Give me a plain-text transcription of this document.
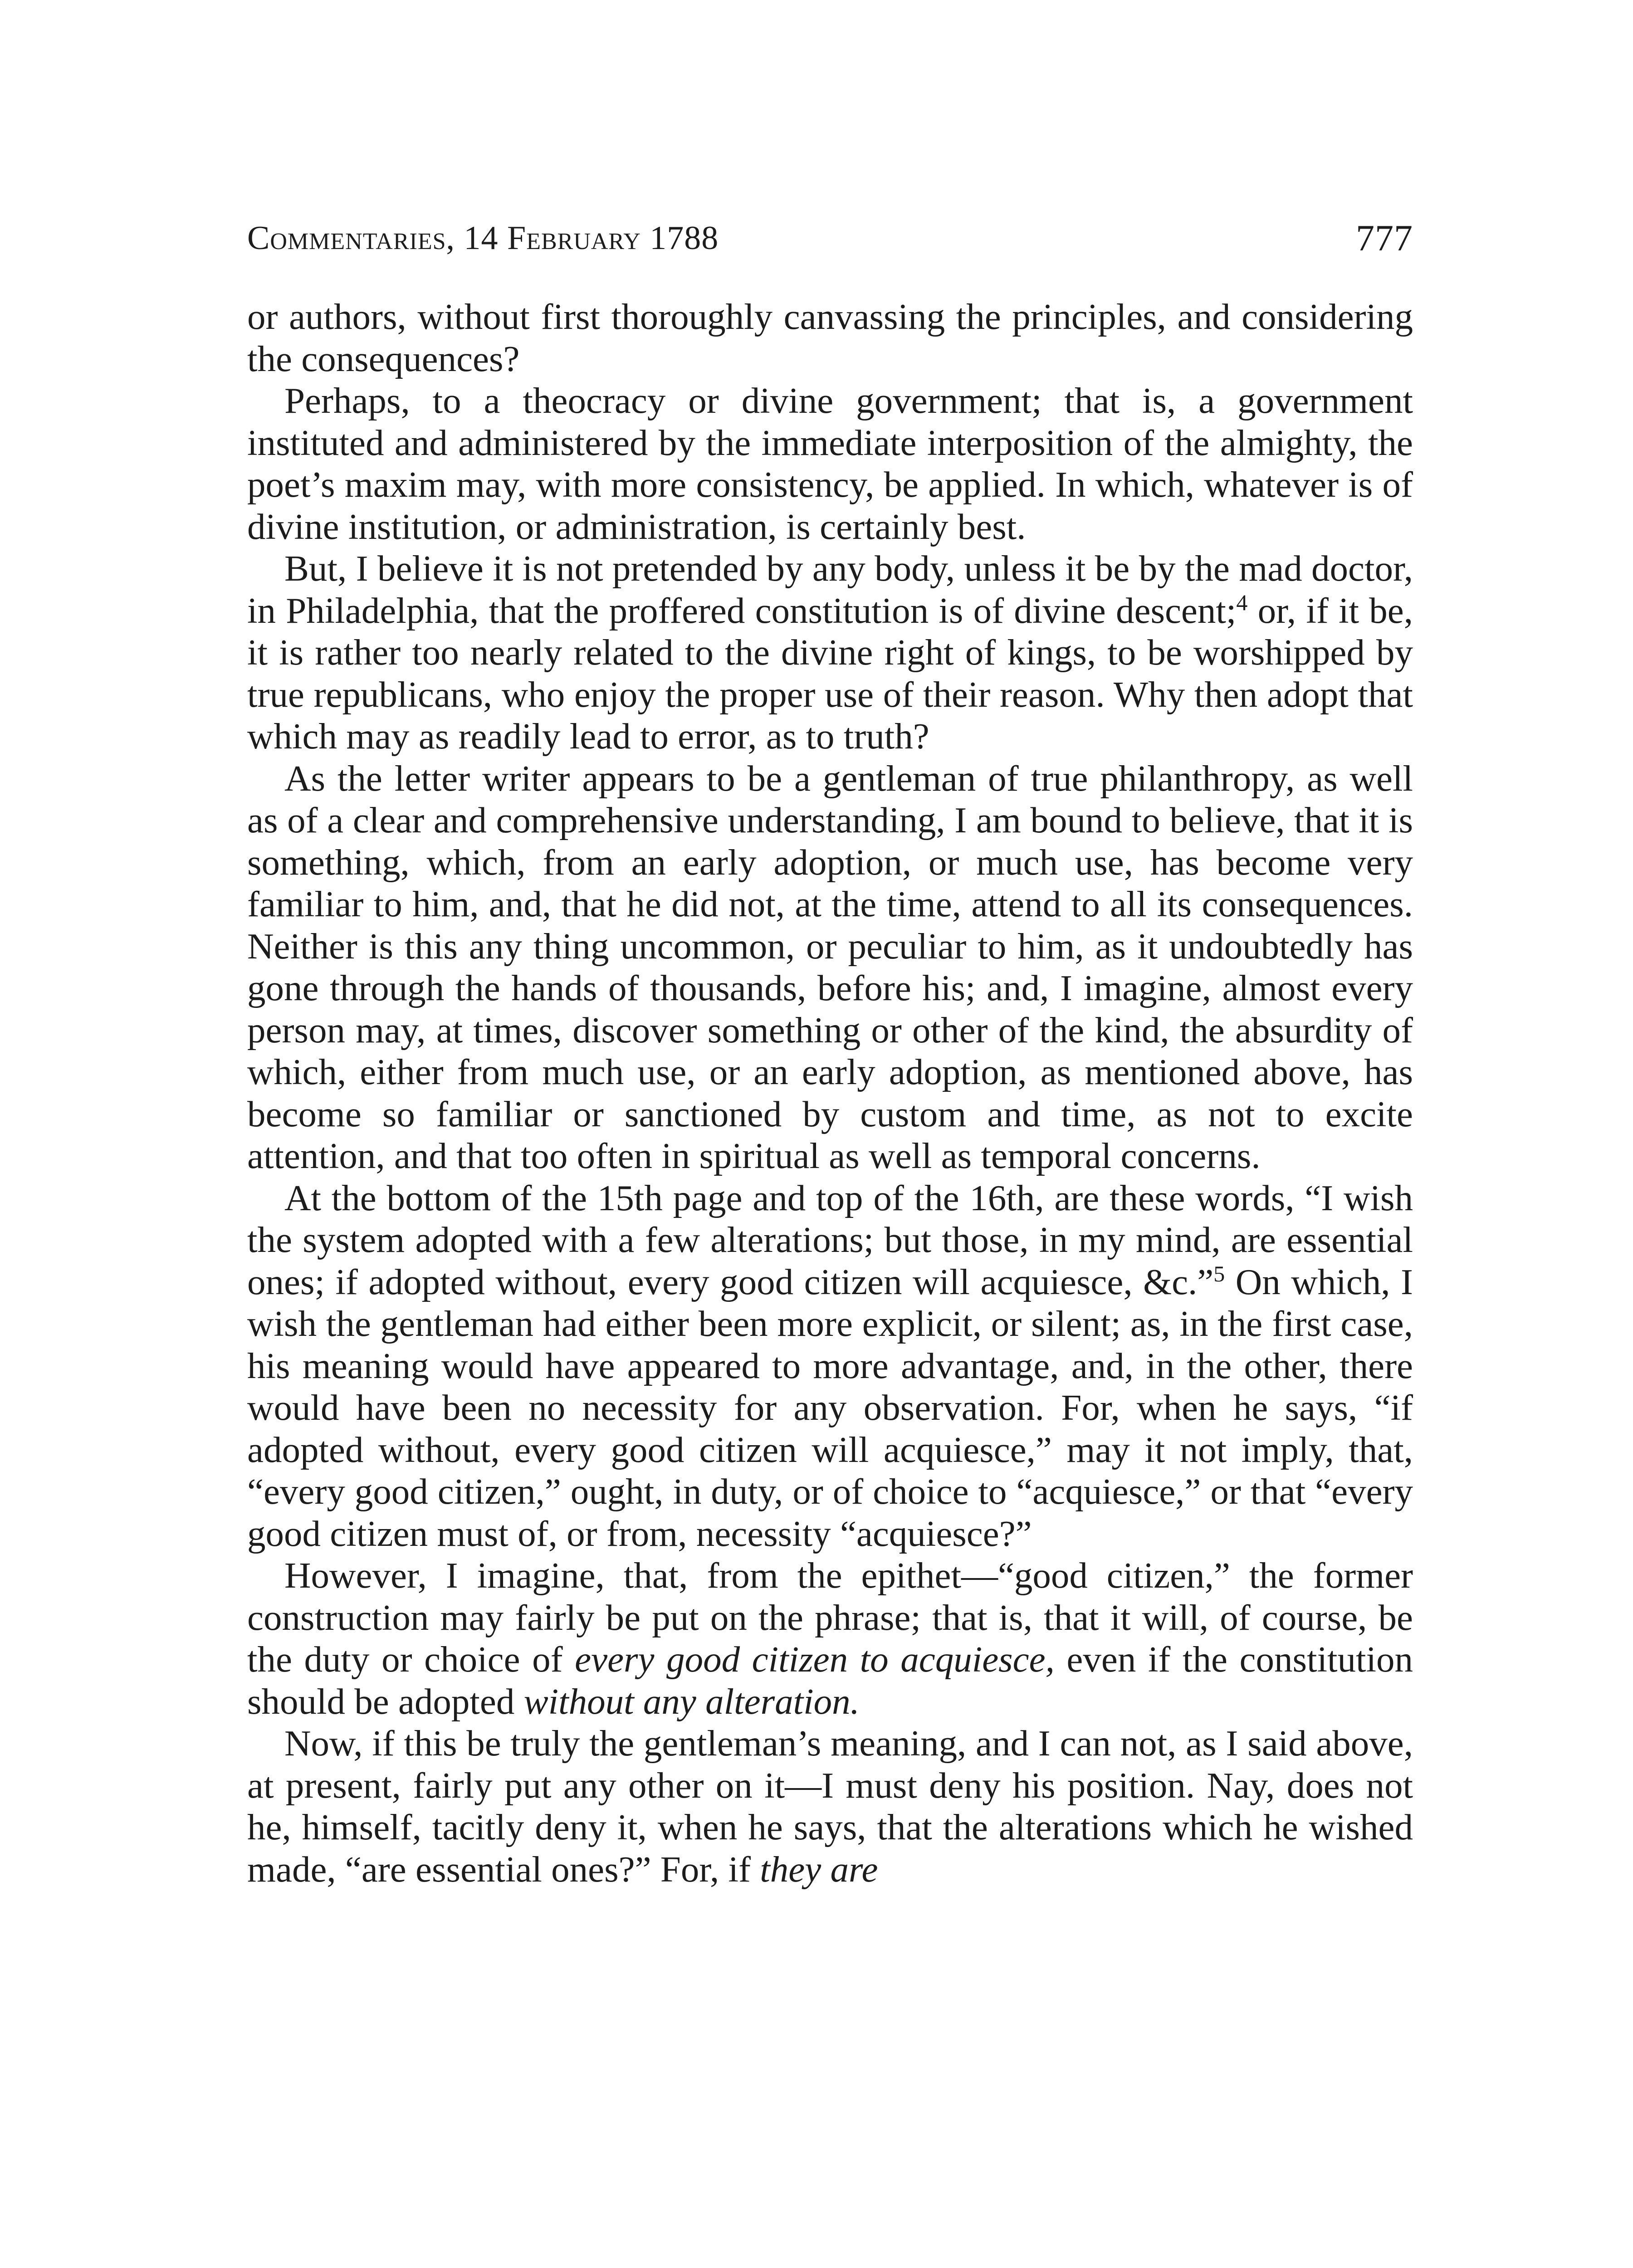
Commentaries, 14 February 1788	777

or authors, without first thoroughly canvassing the principles, and considering the consequences?

Perhaps, to a theocracy or divine government; that is, a government instituted and administered by the immediate interposition of the almighty, the poet’s maxim may, with more consistency, be applied. In which, whatever is of divine institution, or administration, is certainly best.

But, I believe it is not pretended by any body, unless it be by the mad doctor, in Philadelphia, that the proffered constitution is of divine descent;$^4$ or, if it be, it is rather too nearly related to the divine right of kings, to be worshipped by true republicans, who enjoy the proper use of their reason. Why then adopt that which may as readily lead to error, as to truth?

As the letter writer appears to be a gentleman of true philanthropy, as well as of a clear and comprehensive understanding, I am bound to believe, that it is something, which, from an early adoption, or much use, has become very familiar to him, and, that he did not, at the time, attend to all its consequences. Neither is this any thing uncommon, or peculiar to him, as it undoubtedly has gone through the hands of thousands, before his; and, I imagine, almost every person may, at times, discover something or other of the kind, the absurdity of which, either from much use, or an early adoption, as mentioned above, has become so familiar or sanctioned by custom and time, as not to excite attention, and that too often in spiritual as well as temporal concerns.

At the bottom of the 15th page and top of the 16th, are these words, “I wish the system adopted with a few alterations; but those, in my mind, are essential ones; if adopted without, every good citizen will acquiesce, &c.”$^5$ On which, I wish the gentleman had either been more explicit, or silent; as, in the first case, his meaning would have appeared to more advantage, and, in the other, there would have been no necessity for any observation. For, when he says, “if adopted without, every good citizen will acquiesce,” may it not imply, that, “every good citizen,” ought, in duty, or of choice to “acquiesce,” or that “every good citizen must of, or from, necessity “acquiesce?”

However, I imagine, that, from the epithet—“good citizen,” the former construction may fairly be put on the phrase; that is, that it will, of course, be the duty or choice of every good citizen to acquiesce, even if the constitution should be adopted without any alteration.

Now, if this be truly the gentleman’s meaning, and I can not, as I said above, at present, fairly put any other on it—I must deny his position. Nay, does not he, himself, tacitly deny it, when he says, that the alterations which he wished made, “are essential ones?” For, if they are
